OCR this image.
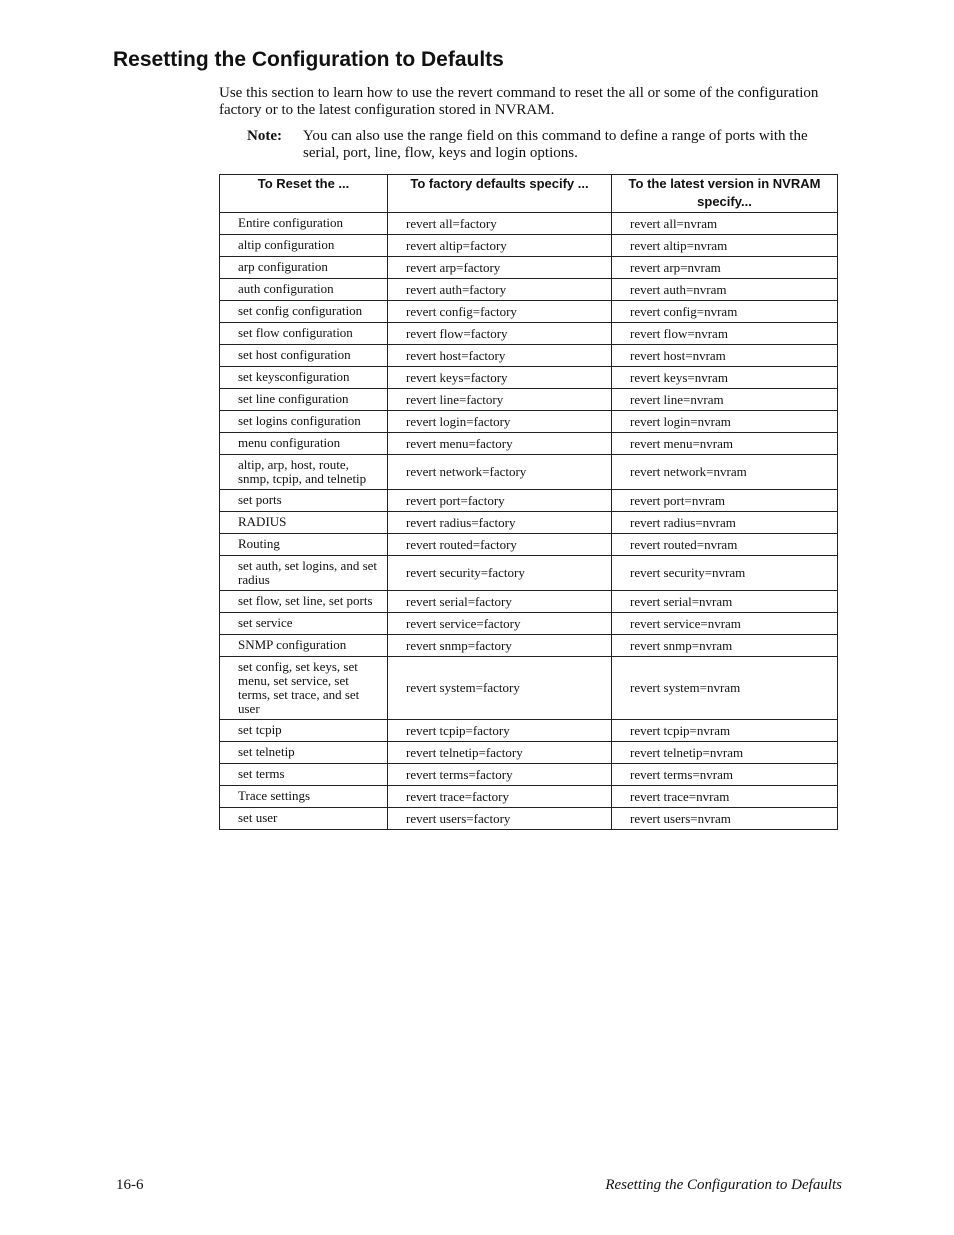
Resetting the Configuration to Defaults

Use this section to learn how to use the revert command to reset the all or some of the configuration factory or to the latest configuration stored in NVRAM.

Note: You can also use the range field on this command to define a range of ports with the serial, port, line, flow, keys and login options.
To Reset the ...	To factory defaults specify ...	To the latest version in NVRAM specify...
Entire configuration	revert all=factory	revert all=nvram
altip configuration	revert altip=factory	revert altip=nvram
arp configuration	revert arp=factory	revert arp=nvram
auth configuration	revert auth=factory	revert auth=nvram
set config configuration	revert config=factory	revert config=nvram
set flow configuration	revert flow=factory	revert flow=nvram
set host configuration	revert host=factory	revert host=nvram
set keysconfiguration	revert keys=factory	revert keys=nvram
set line configuration	revert line=factory	revert line=nvram
set logins configuration	revert login=factory	revert login=nvram
menu configuration	revert menu=factory	revert menu=nvram
altip, arp, host, route, snmp, tcpip, and telnetip	revert network=factory	revert network=nvram
set ports	revert port=factory	revert port=nvram
RADIUS	revert radius=factory	revert radius=nvram
Routing	revert routed=factory	revert routed=nvram
set auth, set logins, and set radius	revert security=factory	revert security=nvram
set flow, set line, set ports	revert serial=factory	revert serial=nvram
set service	revert service=factory	revert service=nvram
SNMP configuration	revert snmp=factory	revert snmp=nvram
set config, set keys, set menu, set service, set terms, set trace, and set user	revert system=factory	revert system=nvram
set tcpip	revert tcpip=factory	revert tcpip=nvram
set telnetip	revert telnetip=factory	revert telnetip=nvram
set terms	revert terms=factory	revert terms=nvram
Trace settings	revert trace=factory	revert trace=nvram
set user	revert users=factory	revert users=nvram
16-6	Resetting the Configuration to Defaults
